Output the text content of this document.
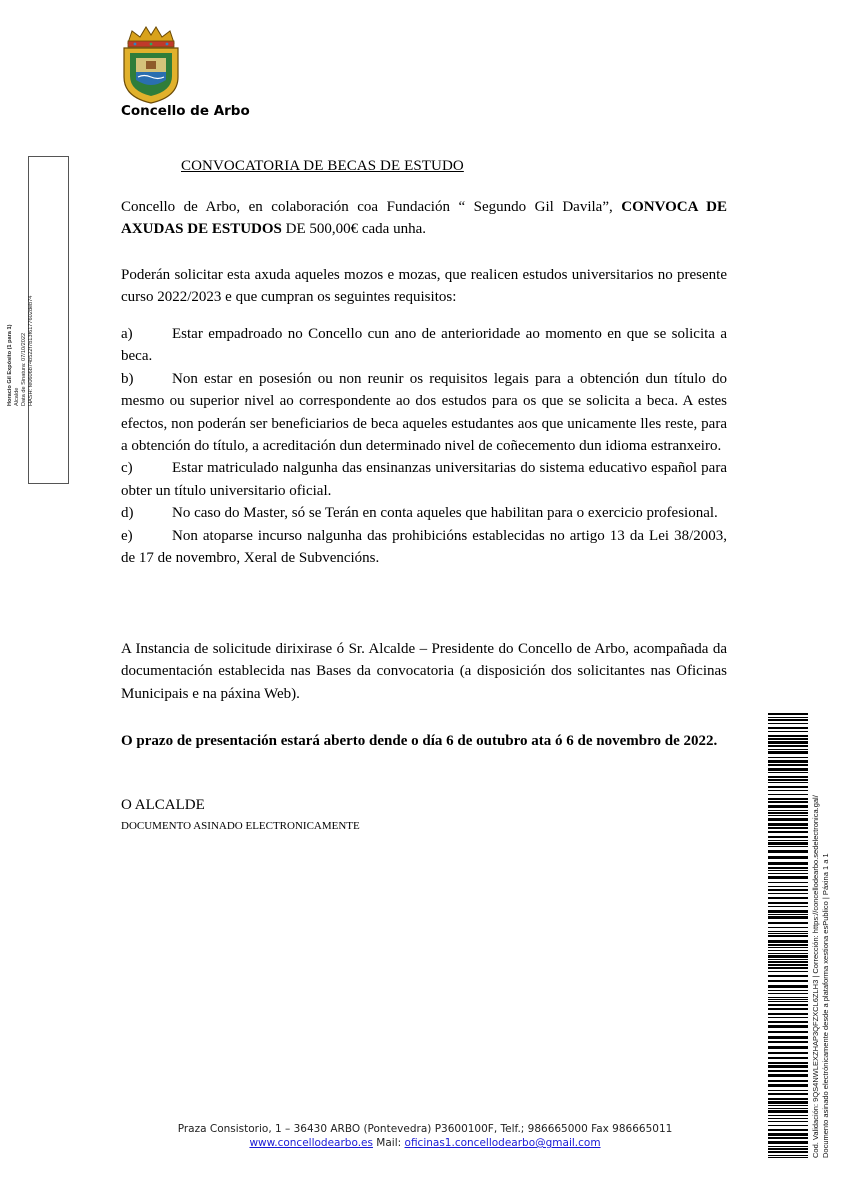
Concello de Arbo
Horacio Gil Expósito (1 para 1) Alcalde Data de Sinatura: 07/10/2022 HASH: fe0606b74b522f7b13f6177602deb74
CONVOCATORIA DE BECAS DE ESTUDO
Concello de Arbo, en colaboración coa Fundación “ Segundo Gil Davila”, CONVOCA DE AXUDAS DE ESTUDOS DE 500,00€ cada unha.
Poderán solicitar esta axuda aqueles mozos e mozas, que realicen estudos universitarios no presente curso 2022/2023 e que cumpran os seguintes requisitos:

a)	Estar empadroado no Concello cun ano de anterioridade ao momento en que se solicita a beca.

b)	Non estar en posesión ou non reunir os requisitos legais para a obtención dun título do mesmo ou superior nivel ao correspondente ao dos estudos para os que se solicita a beca. A estes efectos, non poderán ser beneficiarios de beca aqueles estudantes aos que unicamente lles reste, para a obtención do título, a acreditación dun determinado nivel de coñecemento dun idioma estranxeiro.

c)	Estar matriculado nalgunha das ensinanzas universitarias do sistema educativo español para obter un título universitario oficial.

d)	No caso do Master, só se Terán en conta aqueles que habilitan para o exercicio profesional.

e)	Non atoparse incurso nalgunha das prohibicións establecidas no artigo 13 da Lei 38/2003, de 17 de novembro, Xeral de Subvencións.

A Instancia de solicitude dirixirase ó Sr. Alcalde – Presidente do Concello de Arbo, acompañada da documentación establecida nas Bases da convocatoria (a disposición dos solicitantes nas Oficinas Municipais e na páxina Web).
O prazo de presentación estará aberto dende o día 6 de outubro ata ó 6 de novembro de 2022.
O ALCALDE
DOCUMENTO ASINADO ELECTRONICAMENTE
Praza Consistorio, 1 – 36430 ARBO (Pontevedra) P3600100F, Telf.; 986665000 Fax 986665011
www.concellodearbo.es Mail: oficinas1.concellodearbo@gmail.com	Cod. Validación: 9QS4NWLEXZHAP3QFZXCL6ZLH3 | Corrección: https://concellodearbo.sedelectronica.gal/ Documento asinado electrónicamente desde a plataforma xestiona esPublico | Páxina 1 a 1
